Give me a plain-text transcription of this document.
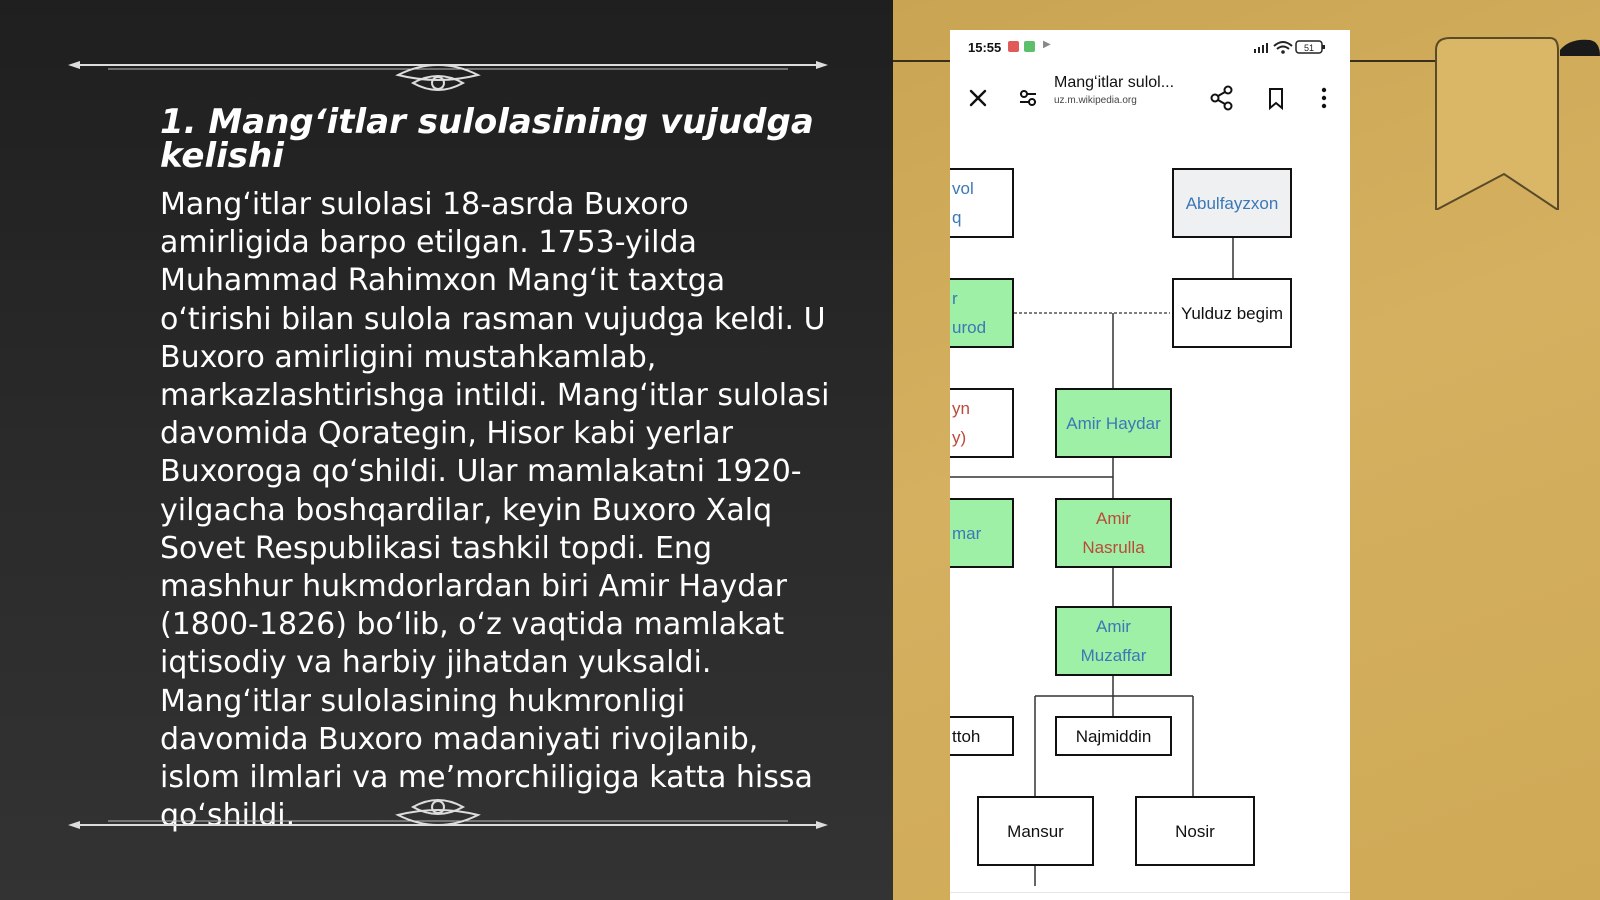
1. Mangʻitlar sulolasining vujudga kelishi

Mangʻitlar sulolasi 18-asrda Buxoro amirligida barpo etilgan. 1753-yilda Muhammad Rahimxon Mangʻit taxtga oʻtirishi bilan sulola rasman vujudga keldi. U Buxoro amirligini mustahkamlab, markazlashtirishga intildi. Mangʻitlar sulolasi davomida Qorategin, Hisor kabi yerlar Buxoroga qoʻshildi. Ular mamlakatni 1920-yilgacha boshqardilar, keyin Buxoro Xalq Sovet Respublikasi tashkil topdi. Eng mashhur hukmdorlardan biri Amir Haydar (1800-1826) boʻlib, oʻz vaqtida mamlakat iqtisodiy va harbiy jihatdan yuksaldi. Mangʻitlar sulolasining hukmronligi davomida Buxoro madaniyati rivojlanib, islom ilmlari va meʼmorchiligiga katta hissa qoʻshildi.

15:55	▶	51
Mangʻitlar sulol...
uz.m.wikipedia.org
vol
q
Abulfayzxon
r
urod
Yulduz begim
yn
y)
Amir Haydar
mar
Amir
Nasrulla
Amir
Muzaffar
ttoh	Najmiddin
Mansur	Nosir
